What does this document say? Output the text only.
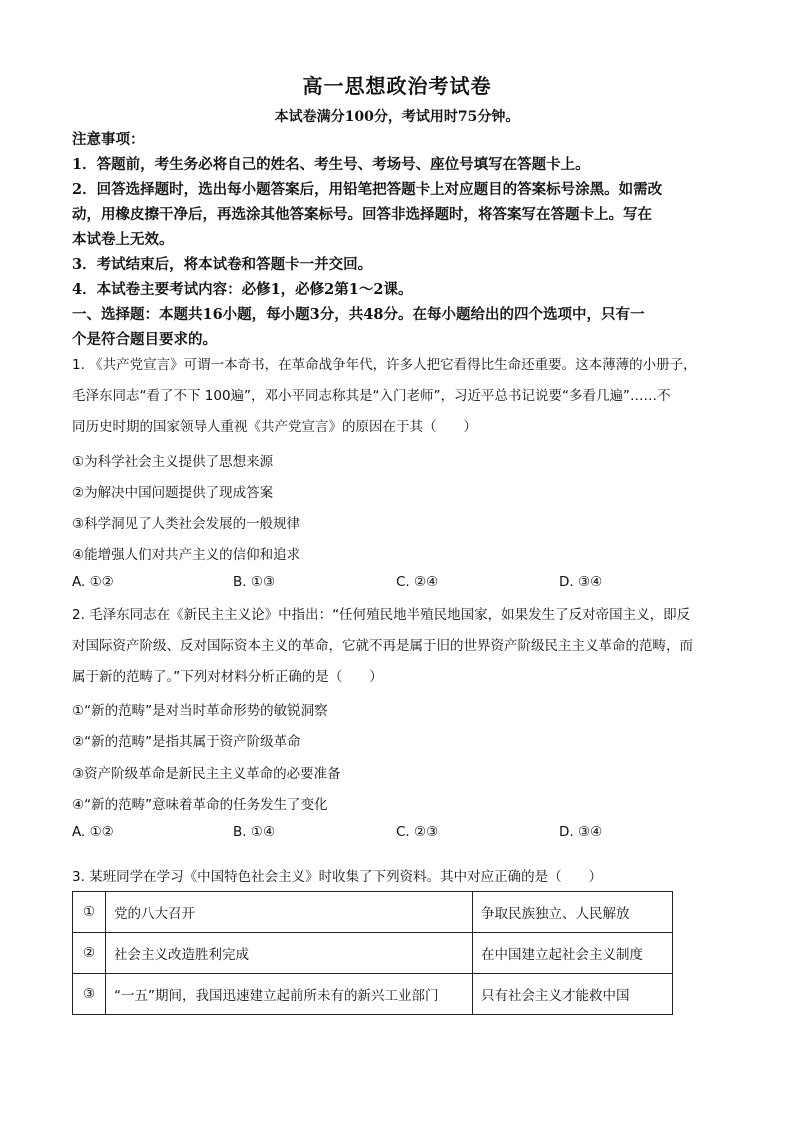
高一思想政治考试卷
本试卷满分100分，考试用时75分钟。
注意事项：
1．答题前，考生务必将自己的姓名、考生号、考场号、座位号填写在答题卡上。
2．回答选择题时，选出每小题答案后，用铅笔把答题卡上对应题目的答案标号涂黑。如需改
动，用橡皮擦干净后，再选涂其他答案标号。回答非选择题时，将答案写在答题卡上。写在
本试卷上无效。
3．考试结束后，将本试卷和答题卡一并交回。
4．本试卷主要考试内容：必修1，必修2第1～2课。
一、选择题：本题共16小题，每小题3分，共48分。在每小题给出的四个选项中，只有一
个是符合题目要求的。
1. 《共产党宣言》可谓一本奇书，在革命战争年代，许多人把它看得比生命还重要。这本薄薄的小册子，
毛泽东同志“看了不下 100遍”，邓小平同志称其是“入门老师”，习近平总书记说要“多看几遍”……不
同历史时期的国家领导人重视《共产党宣言》的原因在于其（　　）
①为科学社会主义提供了思想来源
②为解决中国问题提供了现成答案
③科学洞见了人类社会发展的一般规律
④能增强人们对共产主义的信仰和追求
A. ①②	B. ①③	C. ②④	D. ③④
2. 毛泽东同志在《新民主主义论》中指出：“任何殖民地半殖民地国家，如果发生了反对帝国主义，即反
对国际资产阶级、反对国际资本主义的革命，它就不再是属于旧的世界资产阶级民主主义革命的范畴，而
属于新的范畴了。”下列对材料分析正确的是（　　）
①“新的范畴”是对当时革命形势的敏锐洞察
②“新的范畴”是指其属于资产阶级革命
③资产阶级革命是新民主主义革命的必要准备
④“新的范畴”意味着革命的任务发生了变化
A. ①②	B. ①④	C. ②③	D. ③④
3. 某班同学在学习《中国特色社会主义》时收集了下列资料。其中对应正确的是（　　）
①	党的八大召开	争取民族独立、人民解放
②	社会主义改造胜利完成	在中国建立起社会主义制度
③	“一五”期间，我国迅速建立起前所未有的新兴工业部门	只有社会主义才能救中国
